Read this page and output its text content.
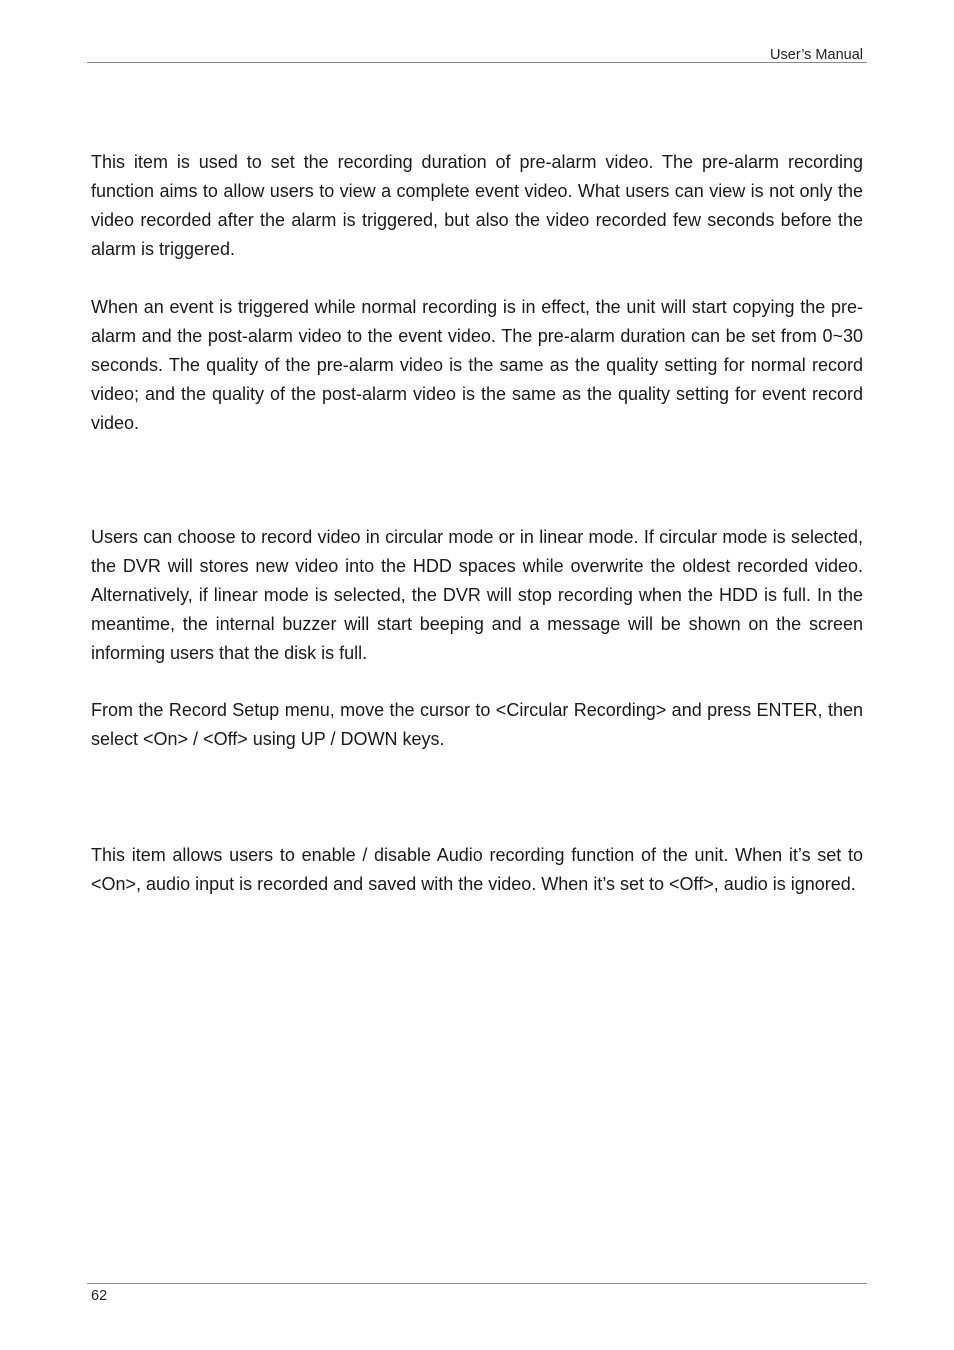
User’s Manual

This item is used to set the recording duration of pre-alarm video. The pre-alarm recording function aims to allow users to view a complete event video. What users can view is not only the video recorded after the alarm is triggered, but also the video recorded few seconds before the alarm is triggered.

When an event is triggered while normal recording is in effect, the unit will start copying the pre-alarm and the post-alarm video to the event video. The pre-alarm duration can be set from 0~30 seconds. The quality of the pre-alarm video is the same as the quality setting for normal record video; and the quality of the post-alarm video is the same as the quality setting for event record video.

Users can choose to record video in circular mode or in linear mode. If circular mode is selected, the DVR will stores new video into the HDD spaces while overwrite the oldest recorded video. Alternatively, if linear mode is selected, the DVR will stop recording when the HDD is full. In the meantime, the internal buzzer will start beeping and a message will be shown on the screen informing users that the disk is full.

From the Record Setup menu, move the cursor to <Circular Recording> and press ENTER, then select <On> / <Off> using UP / DOWN keys.

This item allows users to enable / disable Audio recording function of the unit. When it’s set to <On>, audio input is recorded and saved with the video. When it’s set to <Off>, audio is ignored.

62
